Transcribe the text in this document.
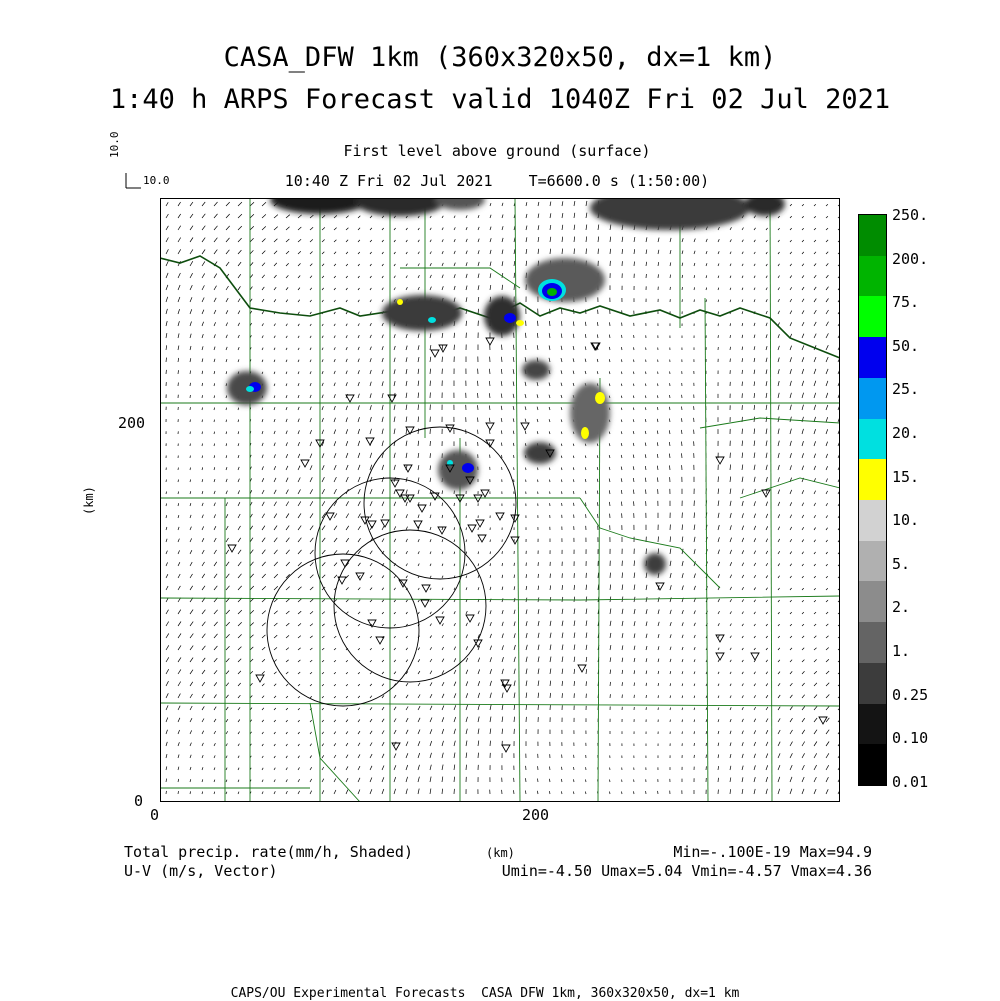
CASA_DFW 1km (360x320x50, dx=1 km)
1:40 h ARPS Forecast valid 1040Z Fri 02 Jul 2021
First level above ground (surface)
10:40 Z Fri 02 Jul 2021    T=6600.0 s (1:50:00)
10.0
10.0
0	200
0
200
(km)
(km)
250.
200.
75.
50.
25.
20.
15.
10.
5.
2.
1.
0.25
0.10
0.01
Total precip. rate(mm/h, Shaded)
U-V (m/s, Vector)
Min=-.100E-19 Max=94.9
Umin=-4.50 Umax=5.04 Vmin=-4.57 Vmax=4.36
CAPS/OU Experimental Forecasts  CASA DFW 1km, 360x320x50, dx=1 km
